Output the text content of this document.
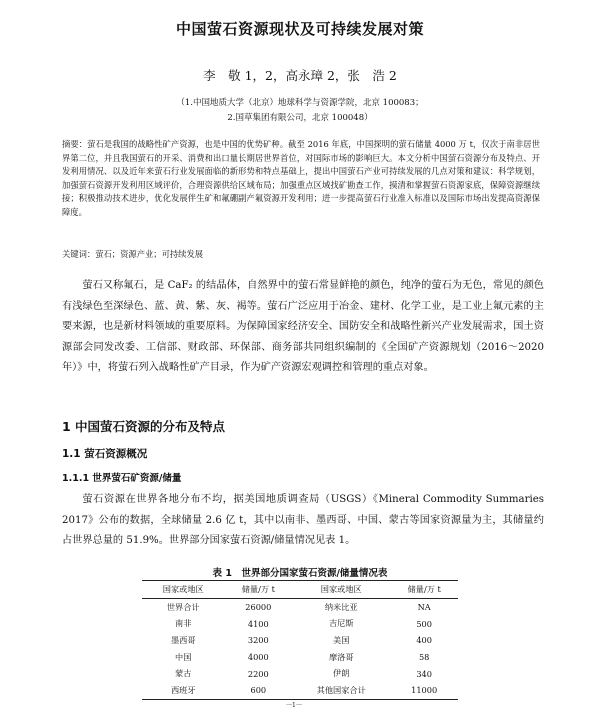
中国萤石资源现状及可持续发展对策
李　敬 1，2，高永璋 2，张　浩 2
（1.中国地质大学（北京）地球科学与资源学院，北京 100083；
2.国草集团有限公司，北京 100048）
摘要：萤石是我国的战略性矿产资源，也是中国的优势矿种。截至 2016 年底，中国探明的萤石储量 4000 万 t，仅次于南非居世界第二位，并且我国萤石的开采、消费和出口量长期居世界首位，对国际市场的影响巨大。本文分析中国萤石资源分布及特点、开发利用情况、以及近年来萤石行业发展面临的新形势和特点基础上，提出中国萤石产业可持续发展的几点对策和建议：科学规划，加强萤石资源开发利用区域评价，合理资源供给区域布局；加强重点区域找矿勘查工作，摸清和掌握萤石资源家底，保障资源继续接；积极推动技术进步，优化发展伴生矿和氟硼副产氟资源开发利用；进一步提高萤石行业准入标准以及国际市场出发提高资源保障度。
关键词：萤石；资源产业；可持续发展
萤石又称氟石，是 CaF₂ 的结晶体，自然界中的萤石常显鲜艳的颜色，纯净的萤石为无色，常见的颜色有浅绿色至深绿色、蓝、黄、紫、灰、褐等。萤石广泛应用于冶金、建材、化学工业，是工业上氟元素的主要来源，也是新材料领域的重要原料。为保障国家经济安全、国防安全和战略性新兴产业发展需求，国土资源部会同发改委、工信部、财政部、环保部、商务部共同组织编制的《全国矿产资源规划（2016～2020 年）》中，将萤石列入战略性矿产目录，作为矿产资源宏观调控和管理的重点对象。
1 中国萤石资源的分布及特点
1.1 萤石资源概况
1.1.1 世界萤石矿资源/储量
萤石资源在世界各地分布不均，据美国地质调查局（USGS）《Mineral Commodity Summaries 2017》公布的数据，全球储量 2.6 亿 t，其中以南非、墨西哥、中国、蒙古等国家资源量为主，其储量约占世界总量的 51.9%。世界部分国家萤石资源/储量情况见表 1。
表 1　世界部分国家萤石资源/储量情况表
国家或地区	储量/万 t	国家或地区	储量/万 t
世界合计	26000	纳米比亚	NA
南非	4100	吉尼斯	500
墨西哥	3200	美国	400
中国	4000	摩洛哥	58
蒙古	2200	伊朗	340
西班牙	600	其他国家合计	11000
一1一
